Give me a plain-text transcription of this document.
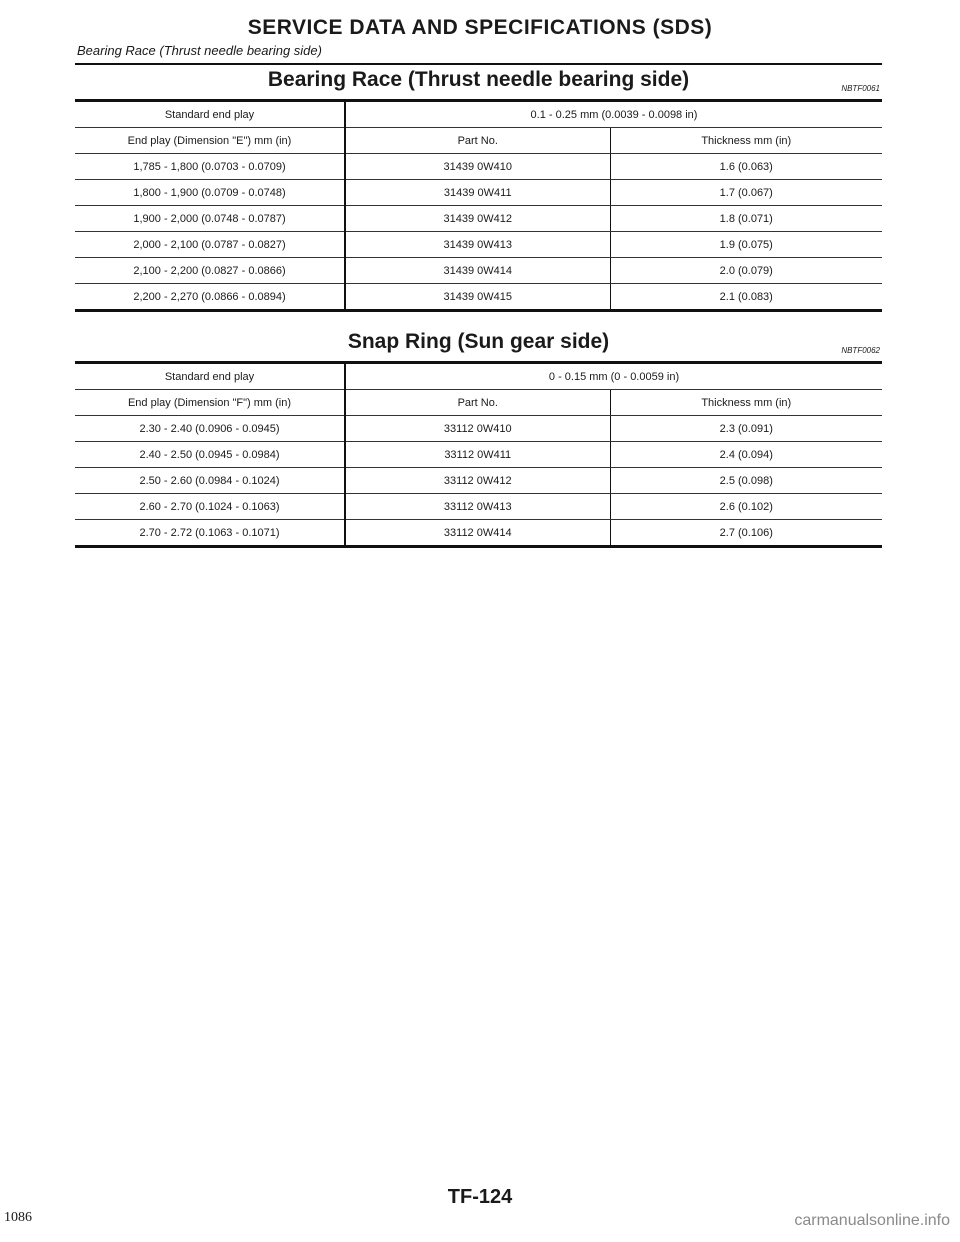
SERVICE DATA AND SPECIFICATIONS (SDS)
Bearing Race (Thrust needle bearing side)
Bearing Race (Thrust needle bearing side)	NBTF0061
Standard end play	0.1 - 0.25 mm (0.0039 - 0.0098 in)	
End play (Dimension "E") mm (in)	Part No.	Thickness mm (in)
1,785 - 1,800 (0.0703 - 0.0709)	31439 0W410	1.6 (0.063)
1,800 - 1,900 (0.0709 - 0.0748)	31439 0W411	1.7 (0.067)
1,900 - 2,000 (0.0748 - 0.0787)	31439 0W412	1.8 (0.071)
2,000 - 2,100 (0.0787 - 0.0827)	31439 0W413	1.9 (0.075)
2,100 - 2,200 (0.0827 - 0.0866)	31439 0W414	2.0 (0.079)
2,200 - 2,270 (0.0866 - 0.0894)	31439 0W415	2.1 (0.083)
Snap Ring (Sun gear side)	NBTF0062
Standard end play	0 - 0.15 mm (0 - 0.0059 in)	
End play (Dimension "F") mm (in)	Part No.	Thickness mm (in)
2.30 - 2.40 (0.0906 - 0.0945)	33112 0W410	2.3 (0.091)
2.40 - 2.50 (0.0945 - 0.0984)	33112 0W411	2.4 (0.094)
2.50 - 2.60 (0.0984 - 0.1024)	33112 0W412	2.5 (0.098)
2.60 - 2.70 (0.1024 - 0.1063)	33112 0W413	2.6 (0.102)
2.70 - 2.72 (0.1063 - 0.1071)	33112 0W414	2.7 (0.106)
TF-124
1086	carmanualsonline.info
